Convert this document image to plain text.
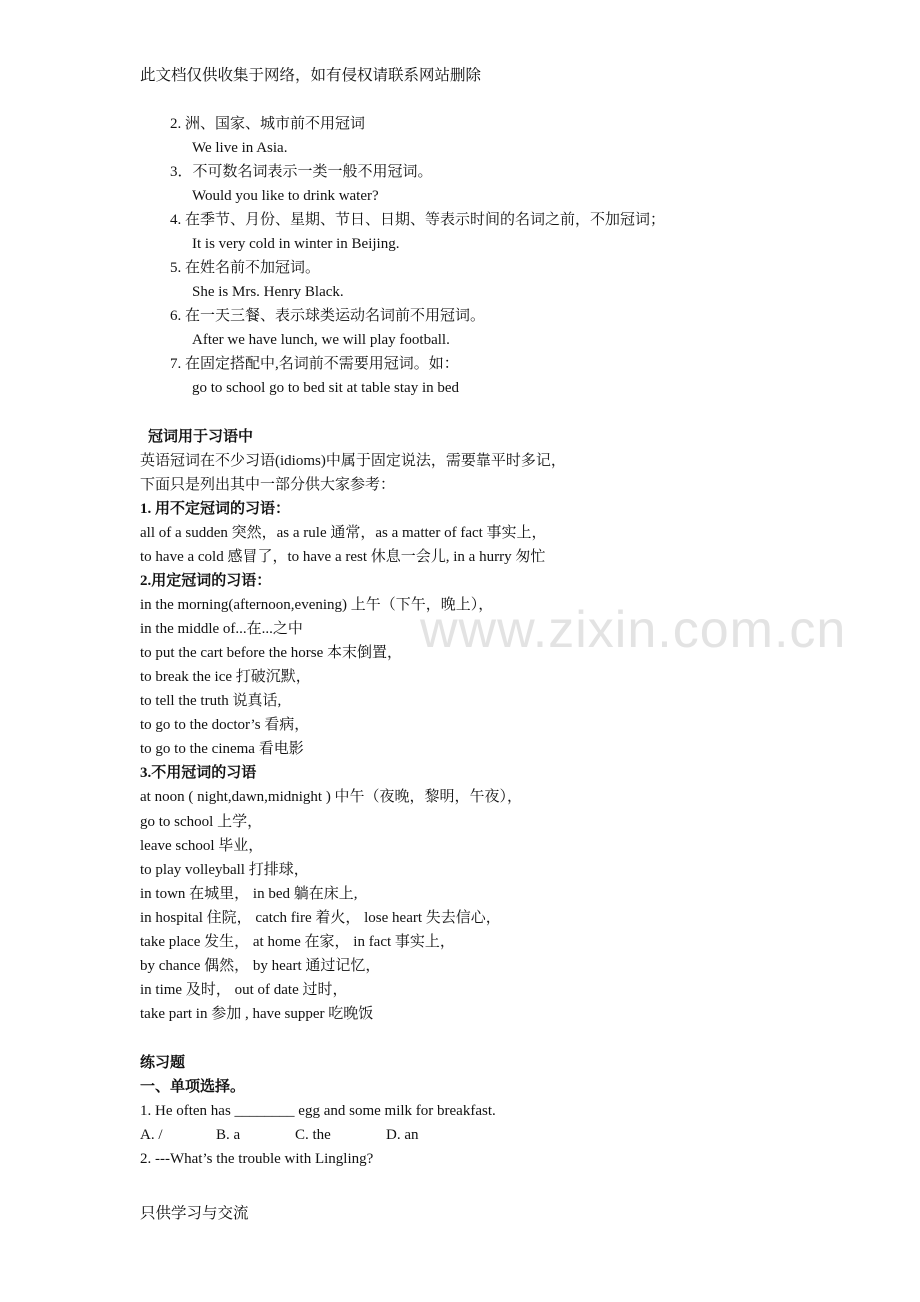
www.zixin.com.cn
此文档仅供收集于网络，如有侵权请联系网站删除
2. 洲、国家、城市前不用冠词
We live in Asia.
3．不可数名词表示一类一般不用冠词。
Would you like to drink water?
4. 在季节、月份、星期、节日、日期、等表示时间的名词之前，不加冠词；
It is very cold in winter in Beijing.
5. 在姓名前不加冠词。
She is Mrs. Henry Black.
6. 在一天三餐、表示球类运动名词前不用冠词。
After we have lunch, we will play football.
7. 在固定搭配中,名词前不需要用冠词。如：
go to school go to bed sit at table stay in bed
冠词用于习语中
英语冠词在不少习语(idioms)中属于固定说法，需要靠平时多记，
下面只是列出其中一部分供大家参考：
1. 用不定冠词的习语：
all of a sudden 突然，as a rule 通常，as a matter of fact 事实上，
to have a cold 感冒了，to have a rest 休息一会儿, in a hurry 匆忙
2.用定冠词的习语：
in the morning(afternoon,evening) 上午（下午，晚上），
in the middle of...在...之中
to put the cart before the horse 本末倒置，
to break the ice 打破沉默，
to tell the truth 说真话,
to go to the doctor’s 看病，
to go to the cinema 看电影
3.不用冠词的习语
at noon ( night,dawn,midnight ) 中午（夜晚，黎明，午夜），
go to school 上学，
leave school 毕业，
to play volleyball 打排球，
in town 在城里， in bed 躺在床上,
in hospital 住院， catch fire 着火， lose heart 失去信心，
take place 发生， at home 在家， in fact 事实上，
by chance 偶然， by heart 通过记忆，
in time 及时， out of date 过时，
take part in 参加 , have supper 吃晚饭
练习题
一、单项选择。
1. He often has ________ egg and some milk for breakfast.
A. /	B. a	C. the	D. an
2. ---What’s the trouble with Lingling?
只供学习与交流
